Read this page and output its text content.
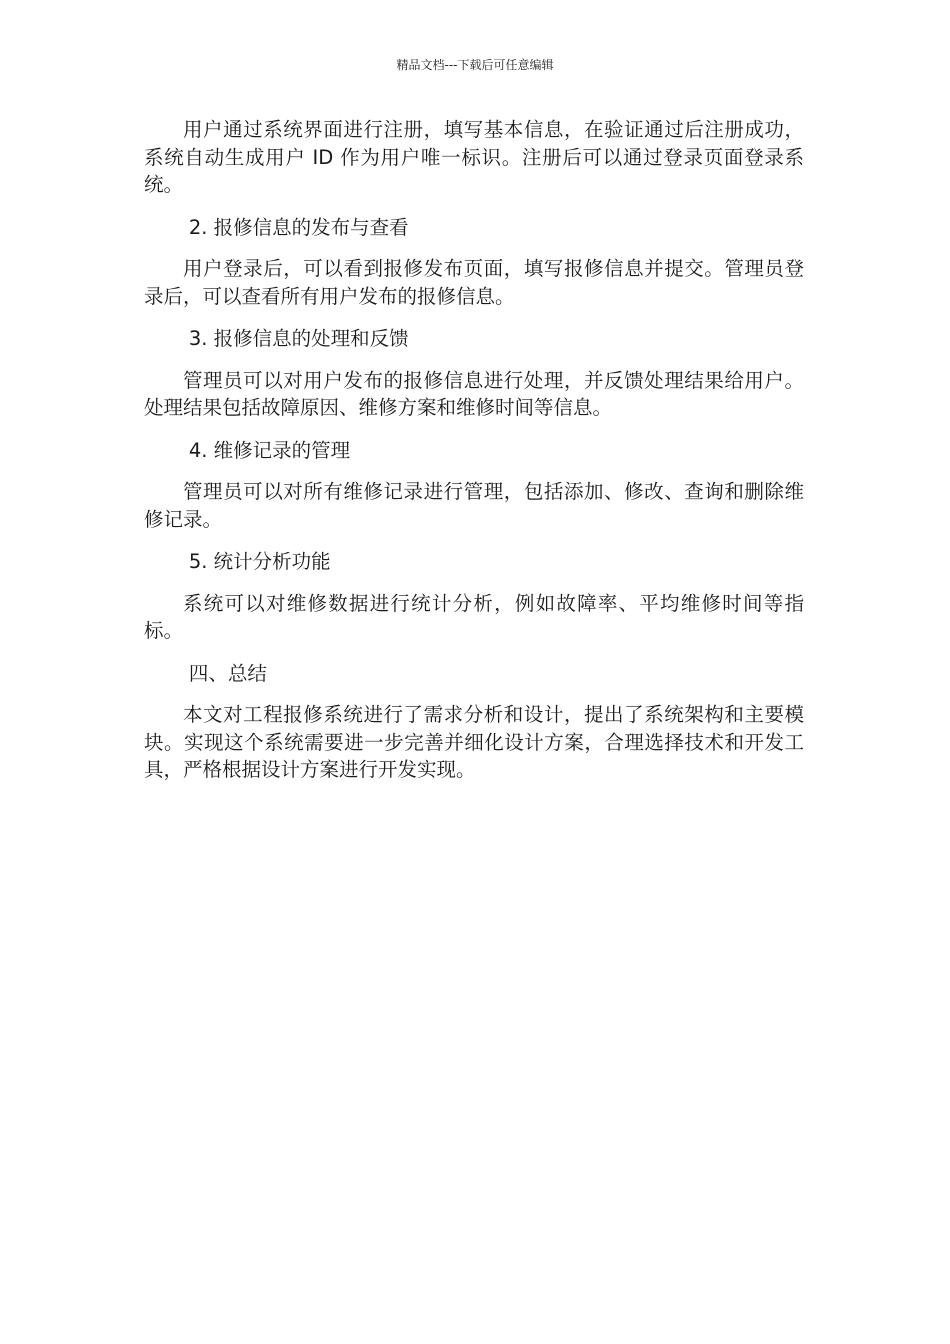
精品文档---下载后可任意编辑

用户通过系统界面进行注册，填写基本信息，在验证通过后注册成功，系统自动生成用户 ID 作为用户唯一标识。注册后可以通过登录页面登录系统。

2. 报修信息的发布与查看

用户登录后，可以看到报修发布页面，填写报修信息并提交。管理员登录后，可以查看所有用户发布的报修信息。

3. 报修信息的处理和反馈

管理员可以对用户发布的报修信息进行处理，并反馈处理结果给用户。处理结果包括故障原因、维修方案和维修时间等信息。

4. 维修记录的管理

管理员可以对所有维修记录进行管理，包括添加、修改、查询和删除维修记录。

5. 统计分析功能

系统可以对维修数据进行统计分析，例如故障率、平均维修时间等指标。

四、总结

本文对工程报修系统进行了需求分析和设计，提出了系统架构和主要模块。实现这个系统需要进一步完善并细化设计方案，合理选择技术和开发工具，严格根据设计方案进行开发实现。
